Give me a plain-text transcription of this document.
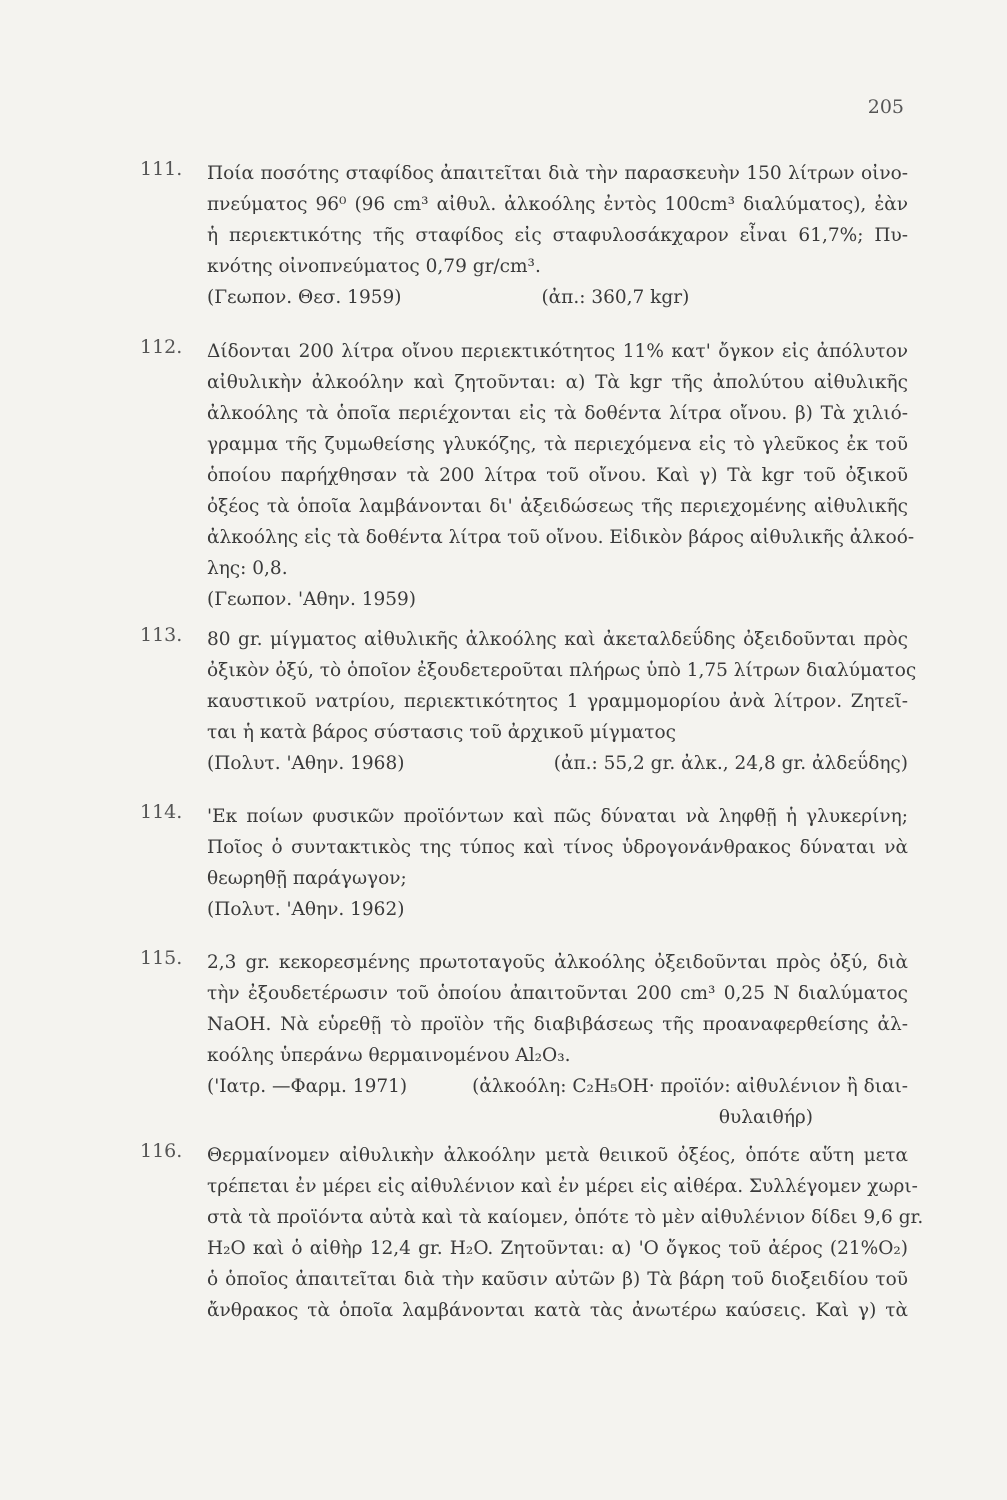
205
111. Ποία ποσότης σταφίδος ἀπαιτεῖται διὰ τὴν παρασκευὴν 150 λίτρων οἰνο-
πνεύματος 96⁰ (96 cm³ αἰθυλ. ἀλκοόλης ἐντὸς 100cm³ διαλύματος), ἐὰν
ἡ περιεκτικότης τῆς σταφίδος εἰς σταφυλοσάκχαρον εἶναι 61,7%; Πυ-
κνότης οἰνοπνεύματος 0,79 gr/cm³.
(Γεωπον. Θεσ. 1959)	(ἀπ.: 360,7 kgr)
112. Δίδονται 200 λίτρα οἴνου περιεκτικότητος 11% κατ' ὄγκον εἰς ἀπόλυτον
αἰθυλικὴν ἀλκοόλην καὶ ζητοῦνται: α) Τὰ kgr τῆς ἀπολύτου αἰθυλικῆς
ἀλκοόλης τὰ ὁποῖα περιέχονται εἰς τὰ δοθέντα λίτρα οἴνου. β) Τὰ χιλιό-
γραμμα τῆς ζυμωθείσης γλυκόζης, τὰ περιεχόμενα εἰς τὸ γλεῦκος ἐκ τοῦ
ὁποίου παρήχθησαν τὰ 200 λίτρα τοῦ οἴνου. Καὶ γ) Τὰ kgr τοῦ ὀξικοῦ
ὀξέος τὰ ὁποῖα λαμβάνονται δι' ἀξειδώσεως τῆς περιεχομένης αἰθυλικῆς
ἀλκοόλης εἰς τὰ δοθέντα λίτρα τοῦ οἴνου. Εἰδικὸν βάρος αἰθυλικῆς ἀλκοό-
λης: 0,8.
(Γεωπον. 'Αθην. 1959)
113. 80 gr. μίγματος αἰθυλικῆς ἀλκοόλης καὶ ἀκεταλδεΰδης ὀξειδοῦνται πρὸς
ὀξικὸν ὀξύ, τὸ ὁποῖον ἐξουδετεροῦται πλήρως ὑπὸ 1,75 λίτρων διαλύματος
καυστικοῦ νατρίου, περιεκτικότητος 1 γραμμομορίου ἀνὰ λίτρον. Ζητεῖ-
ται ἡ κατὰ βάρος σύστασις τοῦ ἀρχικοῦ μίγματος
(Πολυτ. 'Αθην. 1968)	(ἀπ.: 55,2 gr. ἀλκ., 24,8 gr. ἀλδεΰδης)
114. 'Εκ ποίων φυσικῶν προϊόντων καὶ πῶς δύναται νὰ ληφθῇ ἡ γλυκερίνη;
Ποῖος ὁ συντακτικὸς της τύπος καὶ τίνος ὑδρογονάνθρακος δύναται νὰ
θεωρηθῇ παράγωγον;
(Πολυτ. 'Αθην. 1962)
115. 2,3 gr. κεκορεσμένης πρωτοταγοῦς ἀλκοόλης ὀξειδοῦνται πρὸς ὀξύ, διὰ
τὴν ἐξουδετέρωσιν τοῦ ὁποίου ἀπαιτοῦνται 200 cm³ 0,25 N διαλύματος
NaOH. Νὰ εὑρεθῇ τὸ προϊὸν τῆς διαβιβάσεως τῆς προαναφερθείσης ἀλ-
κοόλης ὑπεράνω θερμαινομένου Al₂O₃.
('Ιατρ. —Φαρμ. 1971)	(ἀλκοόλη: C₂H₅OH· προϊόν: αἰθυλένιον ἢ διαι-
θυλαιθήρ)
116. Θερμαίνομεν αἰθυλικὴν ἀλκοόλην μετὰ θειικοῦ ὀξέος, ὁπότε αὕτη μετα
τρέπεται ἐν μέρει εἰς αἰθυλένιον καὶ ἐν μέρει εἰς αἰθέρα. Συλλέγομεν χωρι-
στὰ τὰ προϊόντα αὐτὰ καὶ τὰ καίομεν, ὁπότε τὸ μὲν αἰθυλένιον δίδει 9,6 gr.
H₂O καὶ ὁ αἰθὴρ 12,4 gr. H₂O. Ζητοῦνται: α) 'Ο ὄγκος τοῦ ἀέρος (21%O₂)
ὁ ὁποῖος ἀπαιτεῖται διὰ τὴν καῦσιν αὐτῶν β) Τὰ βάρη τοῦ διοξειδίου τοῦ
ἄνθρακος τὰ ὁποῖα λαμβάνονται κατὰ τὰς ἀνωτέρω καύσεις. Καὶ γ) τὰ
